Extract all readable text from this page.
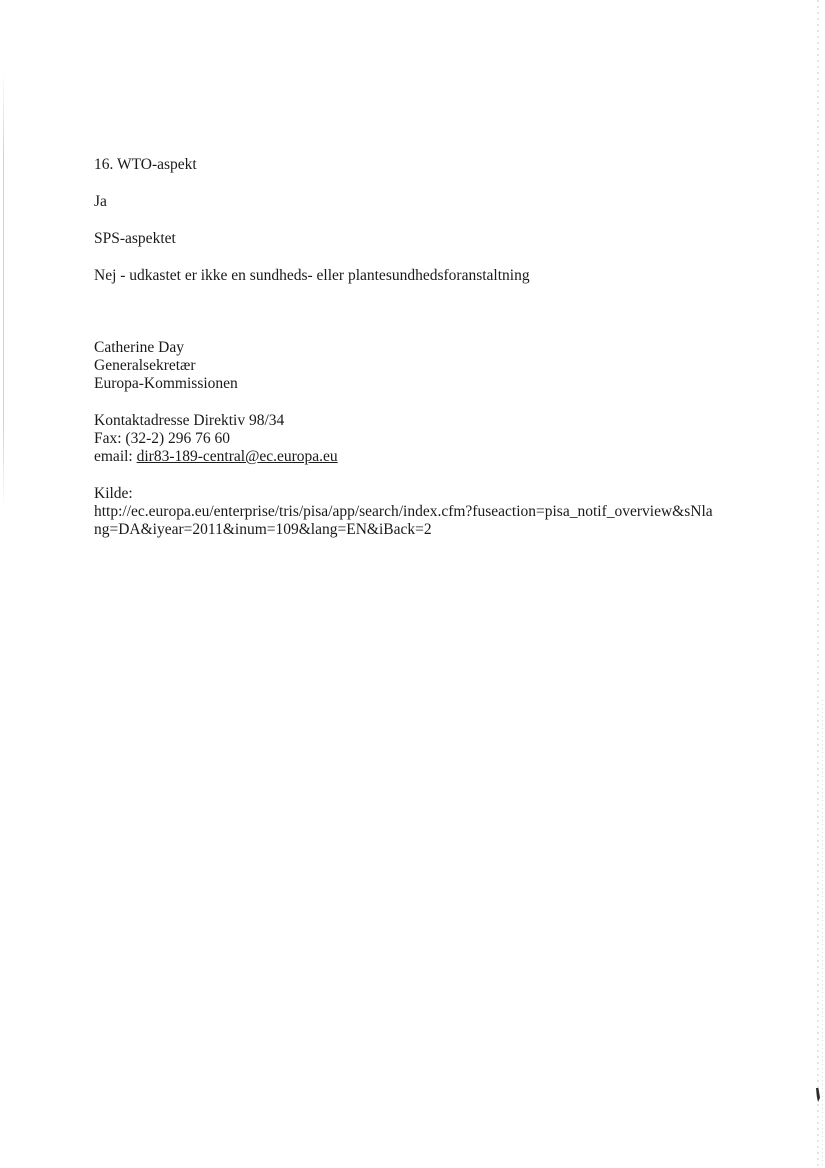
16. WTO-aspekt

Ja

SPS-aspektet

Nej - udkastet er ikke en sundheds- eller plantesundhedsforanstaltning

Catherine Day
Generalsekretær
Europa-Kommissionen
Kontaktadresse Direktiv 98/34
Fax: (32-2) 296 76 60
email: dir83-189-central@ec.europa.eu
Kilde:
http://ec.europa.eu/enterprise/tris/pisa/app/search/index.cfm?fuseaction=pisa_notif_overview&sNla
ng=DA&iyear=2011&inum=109&lang=EN&iBack=2
